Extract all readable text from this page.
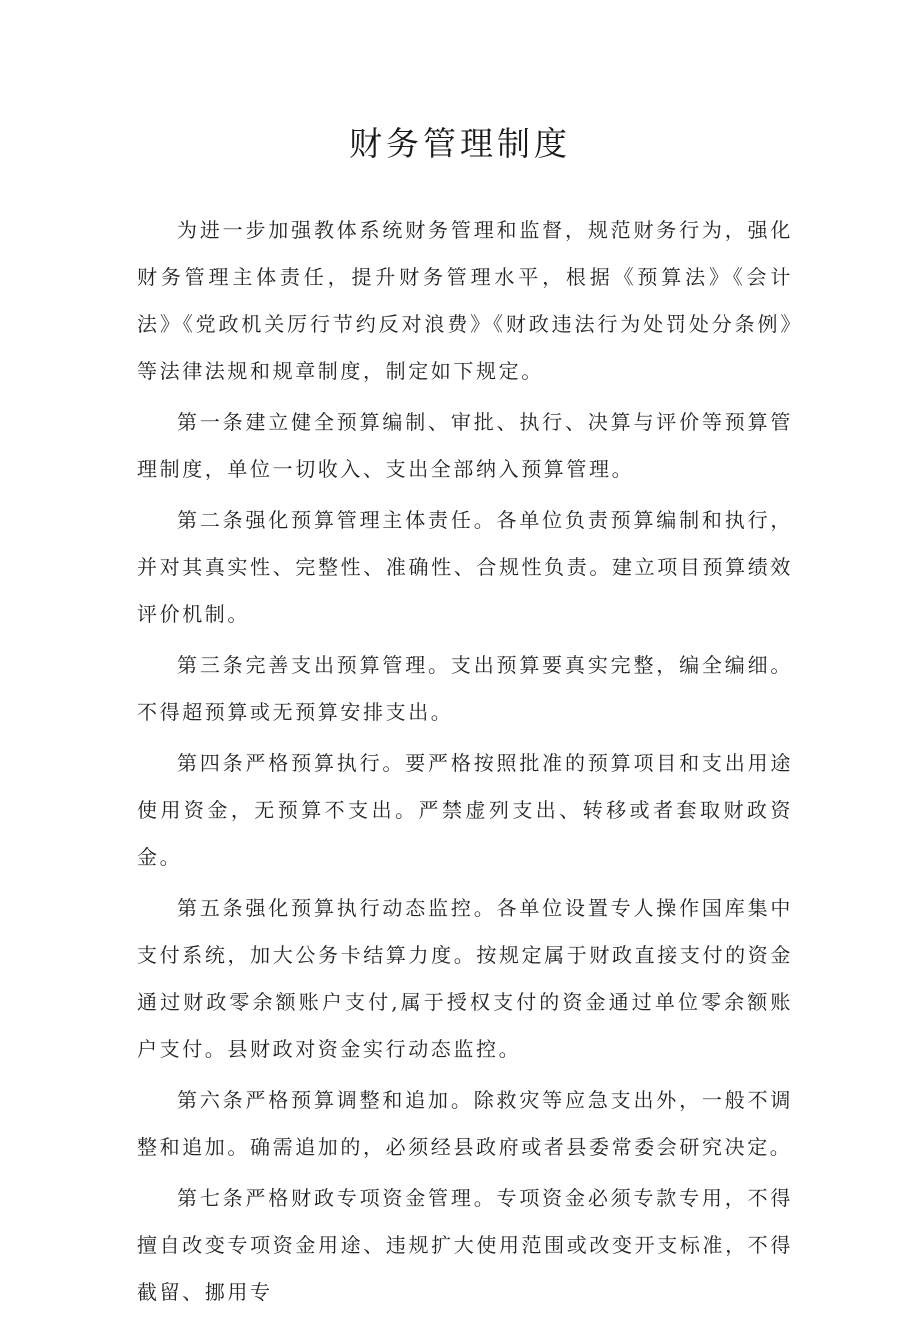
财务管理制度

为进一步加强教体系统财务管理和监督，规范财务行为，强化财务管理主体责任，提升财务管理水平，根据《预算法》《会计法》《党政机关厉行节约反对浪费》《财政违法行为处罚处分条例》等法律法规和规章制度，制定如下规定。

第一条建立健全预算编制、审批、执行、决算与评价等预算管理制度，单位一切收入、支出全部纳入预算管理。

第二条强化预算管理主体责任。各单位负责预算编制和执行，并对其真实性、完整性、准确性、合规性负责。建立项目预算绩效评价机制。

第三条完善支出预算管理。支出预算要真实完整，编全编细。不得超预算或无预算安排支出。

第四条严格预算执行。要严格按照批准的预算项目和支出用途使用资金，无预算不支出。严禁虚列支出、转移或者套取财政资金。

第五条强化预算执行动态监控。各单位设置专人操作国库集中支付系统，加大公务卡结算力度。按规定属于财政直接支付的资金通过财政零余额账户支付,属于授权支付的资金通过单位零余额账户支付。县财政对资金实行动态监控。

第六条严格预算调整和追加。除救灾等应急支出外，一般不调整和追加。确需追加的，必须经县政府或者县委常委会研究决定。

第七条严格财政专项资金管理。专项资金必须专款专用，不得擅自改变专项资金用途、违规扩大使用范围或改变开支标准，不得截留、挪用专
